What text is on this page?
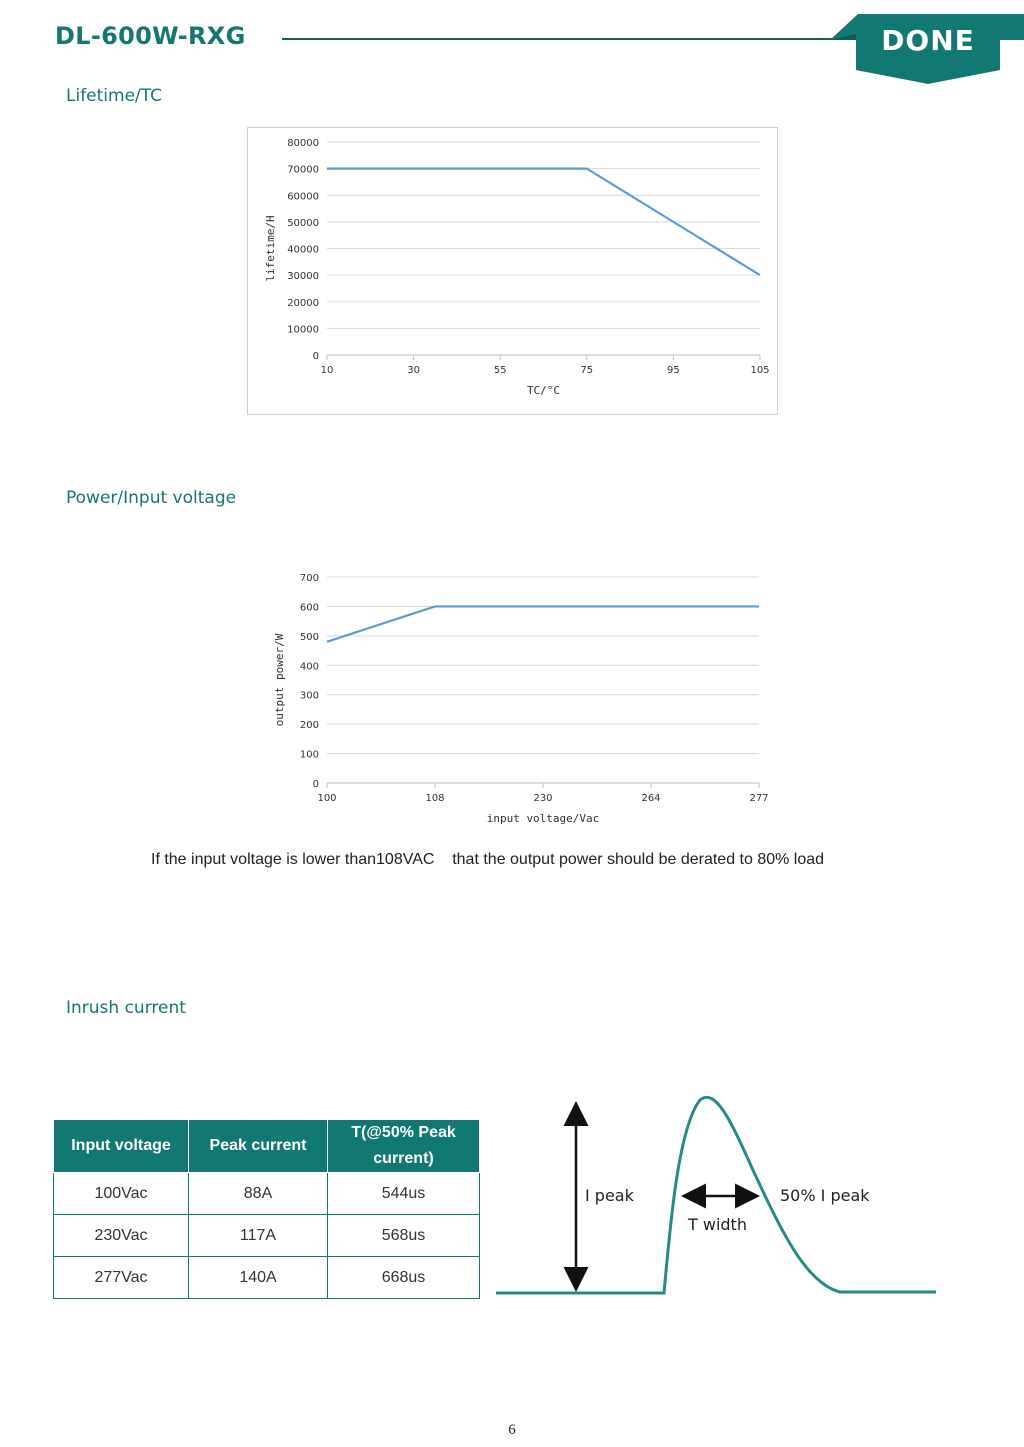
DL-600W-RXG	DONE
Lifetime/TC
0
10000
20000
30000
40000
50000
60000
70000
80000
10	30	55	75	95	105
TC/°C
lifetime/H
Power/Input voltage
0
100
200
300
400
500
600
700
100	108	230	264	277
input voltage/Vac
output power/W
If the input voltage is lower than108VAC    that the output power should be derated to 80% load
Inrush current
Input voltage	Peak current	T(@50% Peak current)
100Vac	88A	544us
230Vac	117A	568us
277Vac	140A	668us
I peak	50% I peak
T width
6
